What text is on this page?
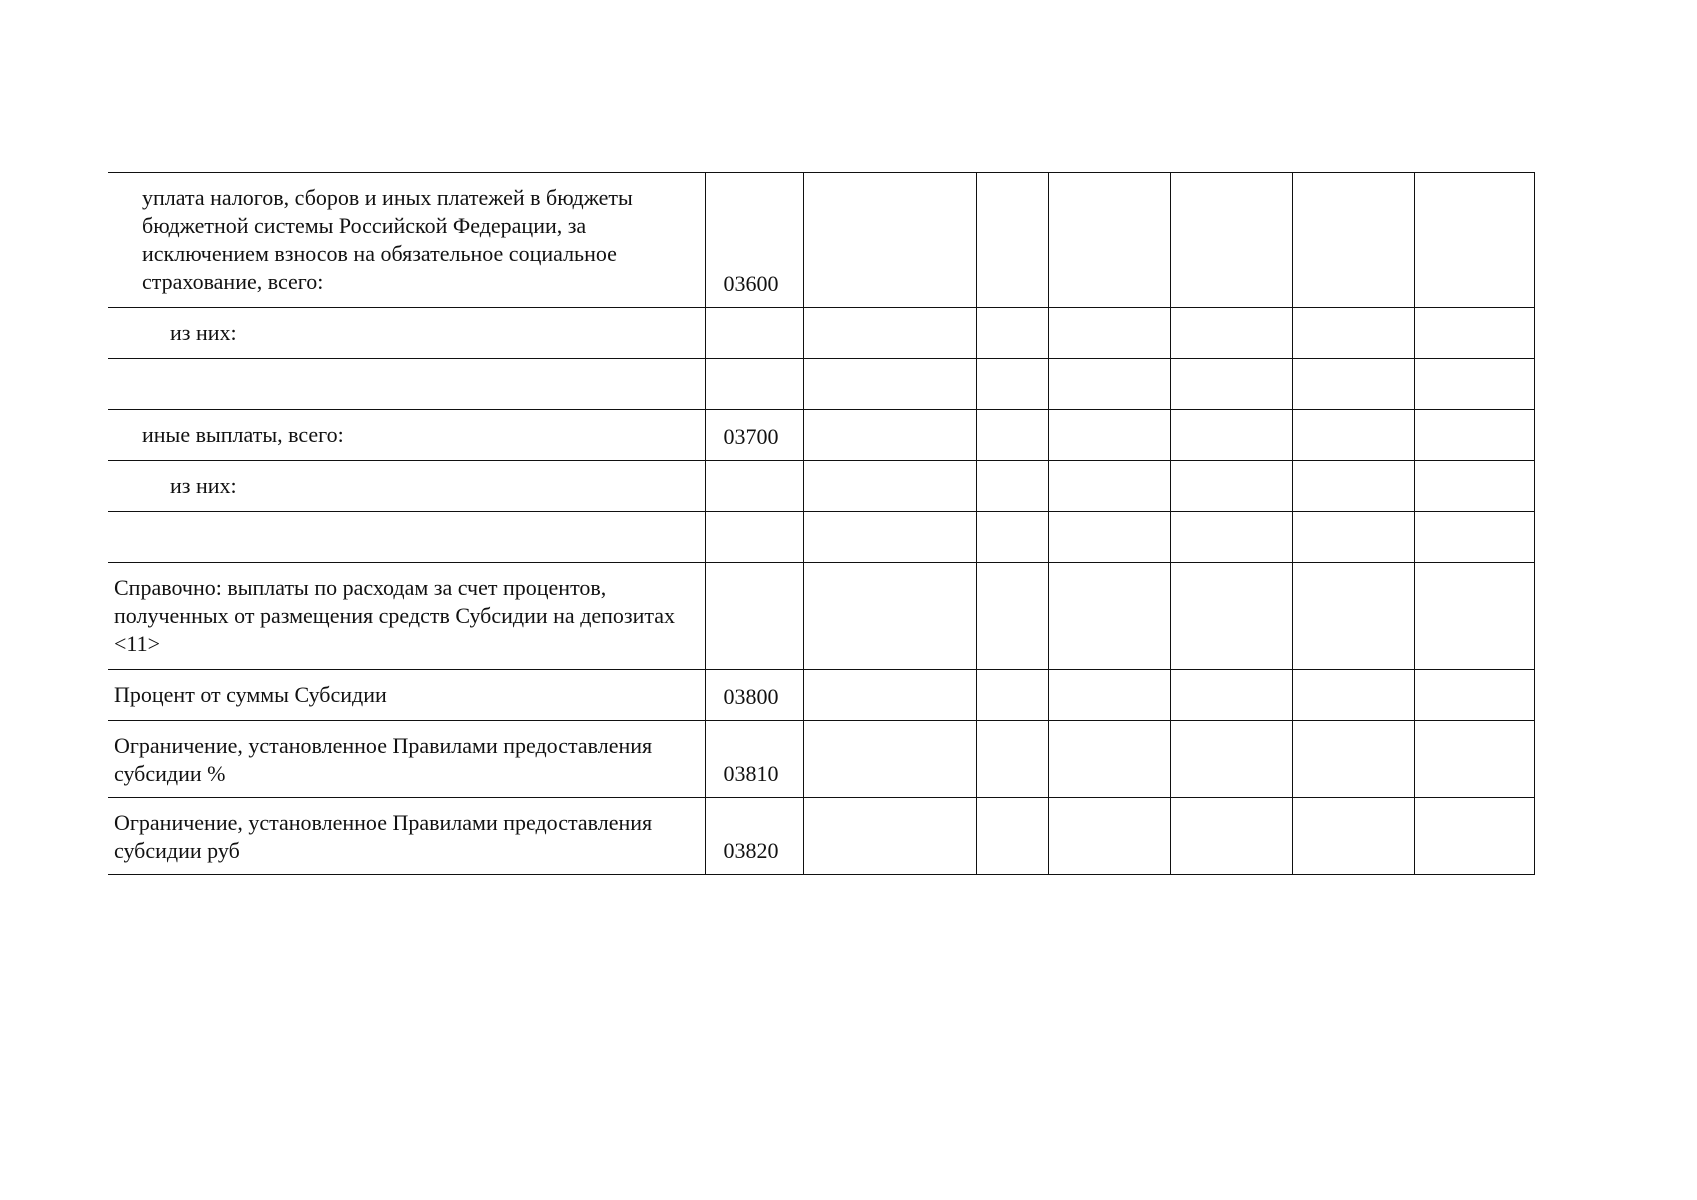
уплата налогов, сборов и иных платежей в бюджеты бюджетной системы Российской Федерации, за исключением взносов на обязательное социальное страхование, всего:	03600						
из них:							

иные выплаты, всего:	03700						
из них:							

Справочно: выплаты по расходам за счет процентов, полученных от размещения средств Субсидии на депозитах <11>							
Процент от суммы Субсидии	03800						
Ограничение, установленное Правилами предоставления субсидии %	03810						
Ограничение, установленное Правилами предоставления субсидии руб	03820						
